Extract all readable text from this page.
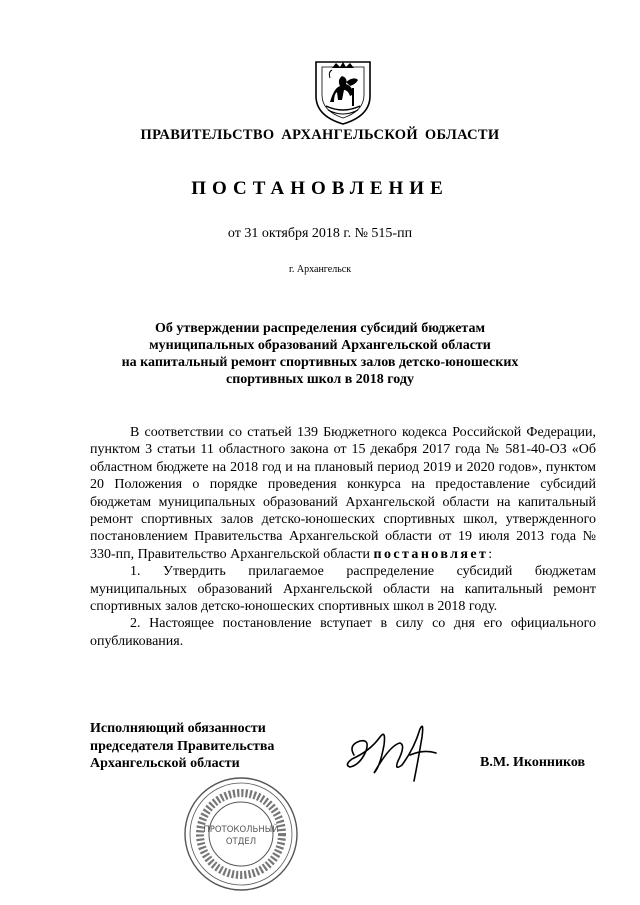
ПРАВИТЕЛЬСТВО АРХАНГЕЛЬСКОЙ ОБЛАСТИ
ПОСТАНОВЛЕНИЕ
от 31 октября 2018 г. № 515-пп
г. Архангельск
Об утверждении распределения субсидий бюджетам
муниципальных образований Архангельской области
на капитальный ремонт спортивных залов детско-юношеских
спортивных школ в 2018 году

В соответствии со статьей 139 Бюджетного кодекса Российской Федерации, пунктом 3 статьи 11 областного закона от 15 декабря 2017 года № 581-40-ОЗ «Об областном бюджете на 2018 год и на плановый период 2019 и 2020 годов», пунктом 20 Положения о порядке проведения конкурса на предоставление субсидий бюджетам муниципальных образований Архангельской области на капитальный ремонт спортивных залов детско-юношеских спортивных школ, утвержденного постановлением Правительства Архангельской области от 19 июля 2013 года № 330-пп, Правительство Архангельской области постановляет:

1. Утвердить прилагаемое распределение субсидий бюджетам муниципальных образований Архангельской области на капитальный ремонт спортивных залов детско-юношеских спортивных школ в 2018 году.

2. Настоящее постановление вступает в силу со дня его официального опубликования.

Исполняющий обязанности
председателя Правительства
Архангельской области	В.М. Иконников
ПРОТОКОЛЬНЫЙ
ОТДЕЛ
